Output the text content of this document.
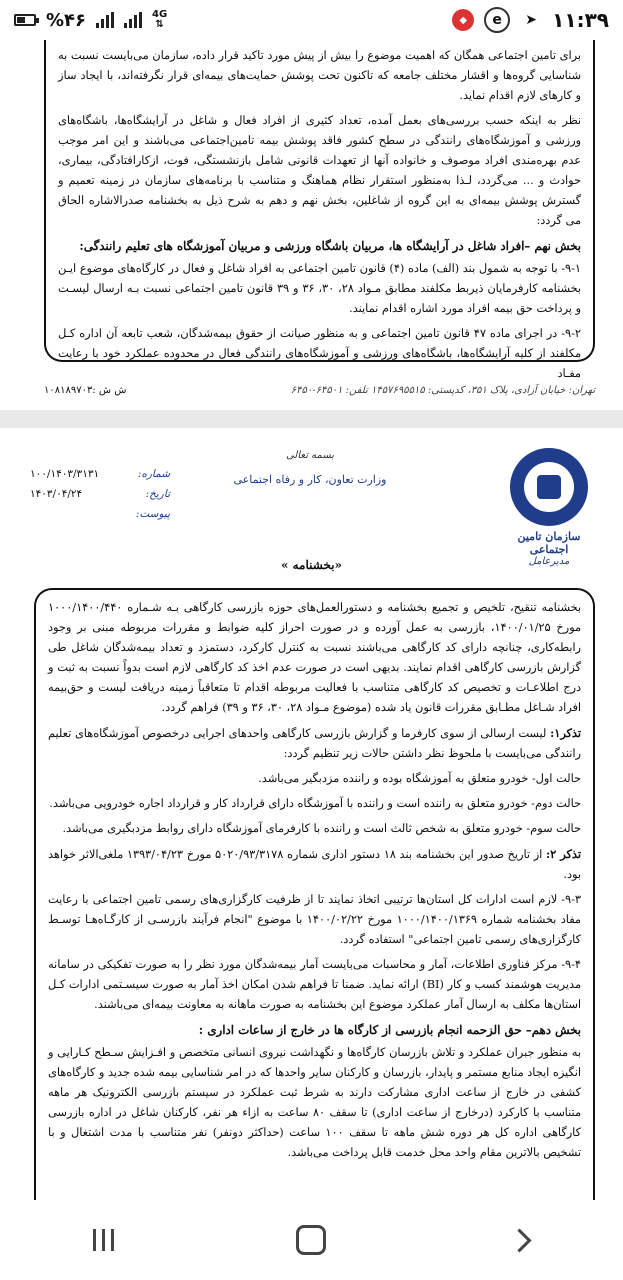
%۴۶	4G
⇅	◆	e	➤ ۱۱:۳۹

برای تامین اجتماعی همگان که اهمیت موضوع را بیش از پیش مورد تاکید قرار داده، سازمان می‌بایست نسبت به شناسایی گروه‌ها و اقشار مختلف جامعه که تاکنون تحت پوشش حمایت‌های بیمه‌ای قرار نگرفته‌اند، با ایجاد ساز و کارهای لازم اقدام نماید.

نظر به اینکه حسب بررسی‌های بعمل آمده، تعداد کثیری از افراد فعال و شاغل در آرایشگاه‌ها، باشگاه‌های ورزشی و آموزشگاه‌های رانندگی در سطح کشور فاقد پوشش بیمه تامین‌اجتماعی می‌باشند و این امر موجب عدم بهره‌مندی افراد موصوف و خانواده آنها از تعهدات قانونی شامل بازنشستگی، فوت، ازکارافتادگی، بیماری، حوادث و ... می‌گردد، لـذا به‌منظور استقرار نظام هماهنگ و متناسب با برنامه‌های سازمان در زمینه تعمیم و گسترش پوشش بیمه‌ای به این گروه از شاغلین، بخش نهم و دهم به شرح ذیل به بخشنامه صدرالاشاره الحاق می گردد:

بخش نهم –افراد شاغل در آرایشگاه ها، مربیان باشگاه ورزشی و مربیان آموزشگاه های تعلیم رانندگی:

۹-۱- با توجه به شمول بند (الف) ماده (۴) قانون تامین اجتماعی به افراد شاغل و فعال در کارگاه‌های موضوع ایـن بخشنامه کارفرمایان ذیربط مکلفند مطابق مـواد ۲۸، ۳۰، ۳۶ و ۳۹ قانون تامین اجتماعی نسبت بـه ارسال لیسـت و پرداخت حق بیمه افراد مورد اشاره اقدام نمایند.

۹-۲- در اجرای ماده ۴۷ قانون تامین اجتماعی و به منظور صیانت از حقوق بیمه‌شدگان، شعب تابعه آن اداره کـل مکلفند از کلیه آرایشگاه‌ها، باشگاه‌های ورزشی و آموزشگاه‌های رانندگی فعال در محدوده عملکرد خود با رعایت مفـاد

تهران: خیابان آزادی، پلاک ۳۵۱، کدپستی: ۱۴۵۷۶۹۵۵۱۵ تلفن: ۶۴۵۰۱-۶۴۵۰
ش ش :۱۰۸۱۸۹۷۰۳
سازمان تامین اجتماعی
مدیرعامل
بسمه تعالی
وزارت تعاون، کار و رفاه اجتماعی
شماره:
۱۰۰/۱۴۰۳/۳۱۳۱
تاریخ:
۱۴۰۳/۰۴/۲۴
پیوست:
«بخشنامه »

بخشنامه تنقیح، تلخیص و تجمیع بخشنامه و دستورالعمل‌های حوزه بازرسی کارگاهی بـه شـماره ۱۰۰۰/۱۴۰۰/۴۴۰ مورخ ۱۴۰۰/۰۱/۲۵، بازرسی به عمل آورده و در صورت احراز کلیه ضوابط و مقررات مربوطه مبنی بر وجود رابطه‌کاری، چنانچه دارای کد کارگاهی می‌باشند نسبت به کنترل کارکرد، دستمزد و تعداد بیمه‌شدگان شاغل طی گزارش بازرسی کارگاهی اقدام نمایند. بدیهی است در صورت عدم اخذ کد کارگاهی لازم است بدواً نسبت به ثبت و درج اطلاعـات و تخصیص کد کارگاهی متناسب با فعالیت مربوطه اقدام تا متعاقباً زمینه دریافت لیست و حق‌بیمه افراد شـاغل مطـابق مقررات قانون یاد شده (موضوع مـواد ۲۸، ۳۰، ۳۶ و ۳۹) فراهم گردد.

تذکر۱: لیست ارسالی از سوی کارفرما و گزارش بازرسی کارگاهی واحدهای اجرایی درخصوص آموزشگاه‌های تعلیم رانندگی می‌بایست با ملحوظ نظر داشتن حالات زیر تنظیم گردد:

حالت اول- خودرو متعلق به آموزشگاه بوده و راننده مزدبگیر می‌باشد.

حالت دوم- خودرو متعلق به راننده است و راننده با آموزشگاه دارای قرارداد کار و قرارداد اجاره خودرویی می‌باشد.

حالت سوم- خودرو متعلق به شخص ثالث است و راننده با کارفرمای آموزشگاه دارای روابط مزدبگیری می‌باشد.

تذکر ۲: از تاریخ صدور این بخشنامه بند ۱۸ دستور اداری شماره ۵۰۲۰/۹۳/۳۱۷۸ مورخ ۱۳۹۳/۰۴/۲۳ ملغی‌الاثر خواهد بود.

۹-۳- لازم است ادارات کل استان‌ها ترتیبی اتخاذ نمایند تا از ظرفیت کارگزاری‌های رسمی تامین اجتماعی با رعایت مفاد بخشنامه شماره ۱۰۰۰/۱۴۰۰/۱۳۶۹ مورخ ۱۴۰۰/۰۲/۲۲ با موضوع "انجام فرآیند بازرسـی از کارگـاه‌هـا توسـط کارگزاری‌های رسمی تامین اجتماعی" استفاده گردد.

۹-۴- مرکز فناوری اطلاعات، آمار و محاسبات می‌بایست آمار بیمه‌شدگان مورد نظر را به صورت تفکیکی در سامانه مدیریت هوشمند کسب و کار (BI) ارائه نماید. ضمنا تا فراهم شدن امکان اخذ آمار به صورت سیسـتمی ادارات کـل استان‌ها مکلف به ارسال آمار عملکرد موضوع این بخشنامه به صورت ماهانه به معاونت بیمه‌ای می‌باشند.

بخش دهم– حق الزحمه انجام بازرسی از کارگاه ها در خارج از ساعات اداری :

به منظور جبران عملکرد و تلاش بازرسان کارگاه‌ها و نگهداشت نیروی انسانی متخصص و افـزایش سـطح کـارایی و انگیزه ایجاد منابع مستمر و پایدار، بازرسان و کارکنان سایر واحدها که در امر شناسایی بیمه شده جدید و کارگاه‌های کشفی در خارج از ساعت اداری مشارکت دارند به شرط ثبت عملکرد در سیستم بازرسی الکترونیک هر ماهه متناسب با کارکرد (درخارج از ساعت اداری) تا سقف ۸۰ ساعت به ازاء هر نفر، کارکنان شاغل در اداره بازرسی کارگاهی اداره کل هر دوره شش ماهه تا سقف ۱۰۰ ساعت (حداکثر دونفر) نفر متناسب با مدت اشتغال و با تشخیص بالاترین مقام واحد محل خدمت قابل پرداخت می‌باشد.
